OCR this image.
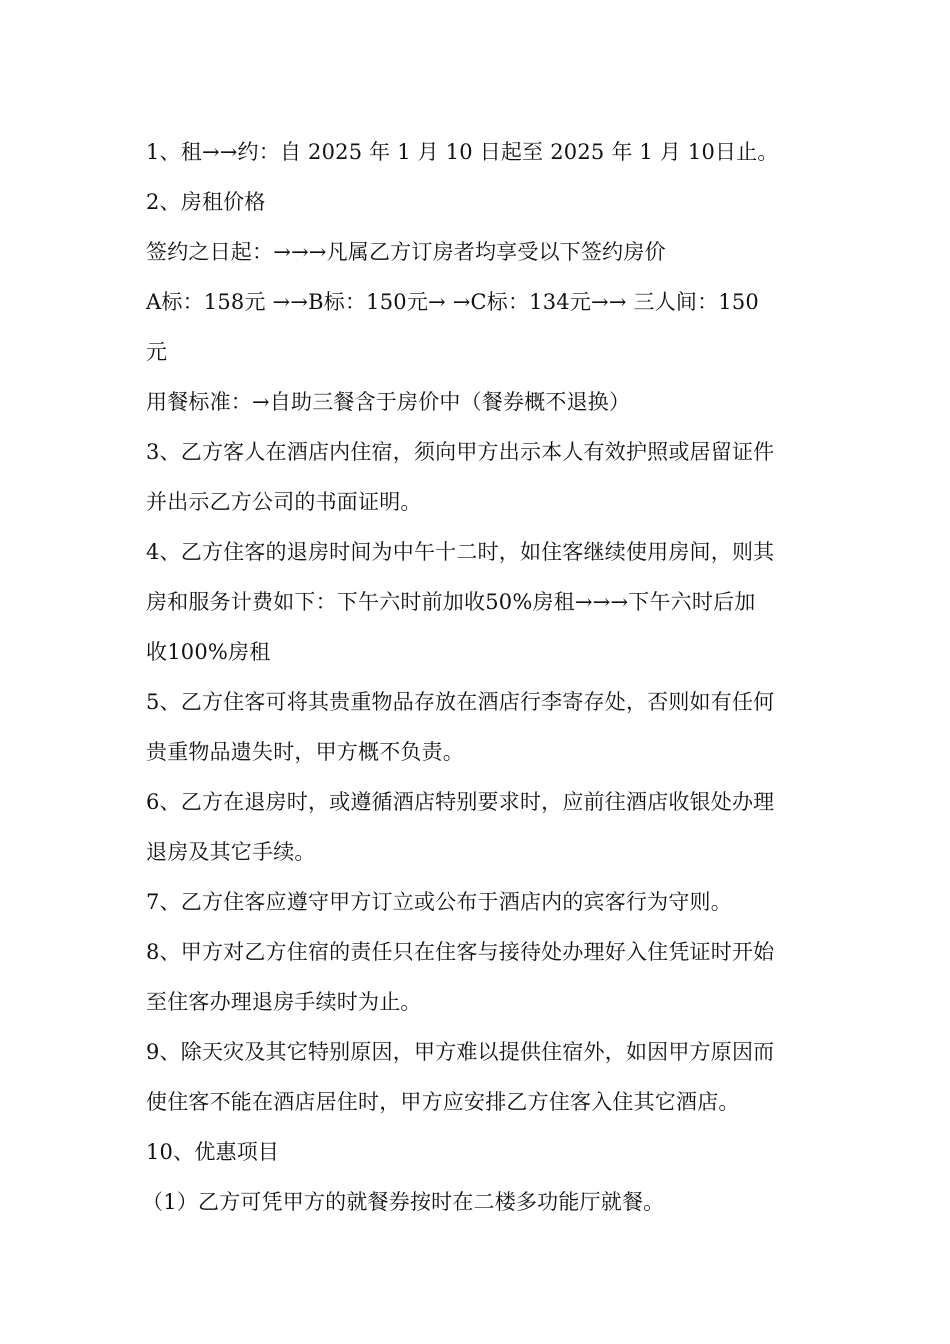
1、租→→约：自 2025 年 1 月 10 日起至 2025 年 1 月 10日止。
2、房租价格
签约之日起：→→→凡属乙方订房者均享受以下签约房价
A标：158元 →→B标：150元→ →C标：134元→→ 三人间：150
元
用餐标准：→自助三餐含于房价中（餐券概不退换）
3、乙方客人在酒店内住宿，须向甲方出示本人有效护照或居留证件
并出示乙方公司的书面证明。
4、乙方住客的退房时间为中午十二时，如住客继续使用房间，则其
房和服务计费如下：下午六时前加收50%房租→→→下午六时后加
收100%房租
5、乙方住客可将其贵重物品存放在酒店行李寄存处，否则如有任何
贵重物品遗失时，甲方概不负责。
6、乙方在退房时，或遵循酒店特别要求时，应前往酒店收银处办理
退房及其它手续。
7、乙方住客应遵守甲方订立或公布于酒店内的宾客行为守则。
8、甲方对乙方住宿的责任只在住客与接待处办理好入住凭证时开始
至住客办理退房手续时为止。
9、除天灾及其它特别原因，甲方难以提供住宿外，如因甲方原因而
使住客不能在酒店居住时，甲方应安排乙方住客入住其它酒店。
10、优惠项目
（1）乙方可凭甲方的就餐券按时在二楼多功能厅就餐。
